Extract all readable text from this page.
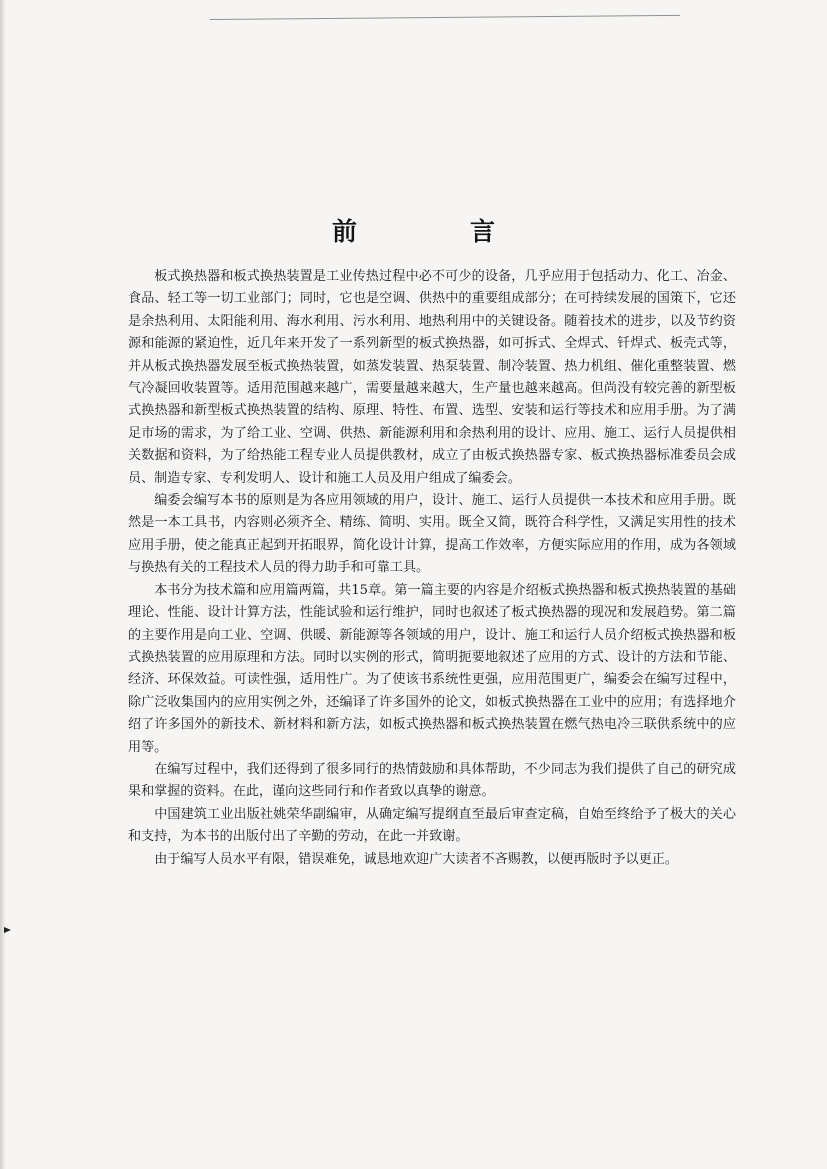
前　言

板式换热器和板式换热装置是工业传热过程中必不可少的设备，几乎应用于包括动力、化工、冶金、食品、轻工等一切工业部门；同时，它也是空调、供热中的重要组成部分；在可持续发展的国策下，它还是余热利用、太阳能利用、海水利用、污水利用、地热利用中的关键设备。随着技术的进步，以及节约资源和能源的紧迫性，近几年来开发了一系列新型的板式换热器，如可拆式、全焊式、钎焊式、板壳式等，并从板式换热器发展至板式换热装置，如蒸发装置、热泵装置、制冷装置、热力机组、催化重整装置、燃气冷凝回收装置等。适用范围越来越广，需要量越来越大，生产量也越来越高。但尚没有较完善的新型板式换热器和新型板式换热装置的结构、原理、特性、布置、选型、安装和运行等技术和应用手册。为了满足市场的需求，为了给工业、空调、供热、新能源利用和余热利用的设计、应用、施工、运行人员提供相关数据和资料，为了给热能工程专业人员提供教材，成立了由板式换热器专家、板式换热器标准委员会成员、制造专家、专利发明人、设计和施工人员及用户组成了编委会。

编委会编写本书的原则是为各应用领域的用户，设计、施工、运行人员提供一本技术和应用手册。既然是一本工具书，内容则必须齐全、精练、简明、实用。既全又简，既符合科学性，又满足实用性的技术应用手册，使之能真正起到开拓眼界，简化设计计算，提高工作效率，方便实际应用的作用，成为各领域与换热有关的工程技术人员的得力助手和可靠工具。

本书分为技术篇和应用篇两篇，共15章。第一篇主要的内容是介绍板式换热器和板式换热装置的基础理论、性能、设计计算方法，性能试验和运行维护，同时也叙述了板式换热器的现况和发展趋势。第二篇的主要作用是向工业、空调、供暖、新能源等各领域的用户，设计、施工和运行人员介绍板式换热器和板式换热装置的应用原理和方法。同时以实例的形式，简明扼要地叙述了应用的方式、设计的方法和节能、经济、环保效益。可读性强，适用性广。为了使该书系统性更强，应用范围更广，编委会在编写过程中，除广泛收集国内的应用实例之外，还编译了许多国外的论文，如板式换热器在工业中的应用；有选择地介绍了许多国外的新技术、新材料和新方法，如板式换热器和板式换热装置在燃气热电冷三联供系统中的应用等。

在编写过程中，我们还得到了很多同行的热情鼓励和具体帮助，不少同志为我们提供了自己的研究成果和掌握的资料。在此，谨向这些同行和作者致以真挚的谢意。

中国建筑工业出版社姚荣华副编审，从确定编写提纲直至最后审查定稿，自始至终给予了极大的关心和支持，为本书的出版付出了辛勤的劳动，在此一并致谢。

由于编写人员水平有限，错误难免，诚恳地欢迎广大读者不吝赐教，以便再版时予以更正。
